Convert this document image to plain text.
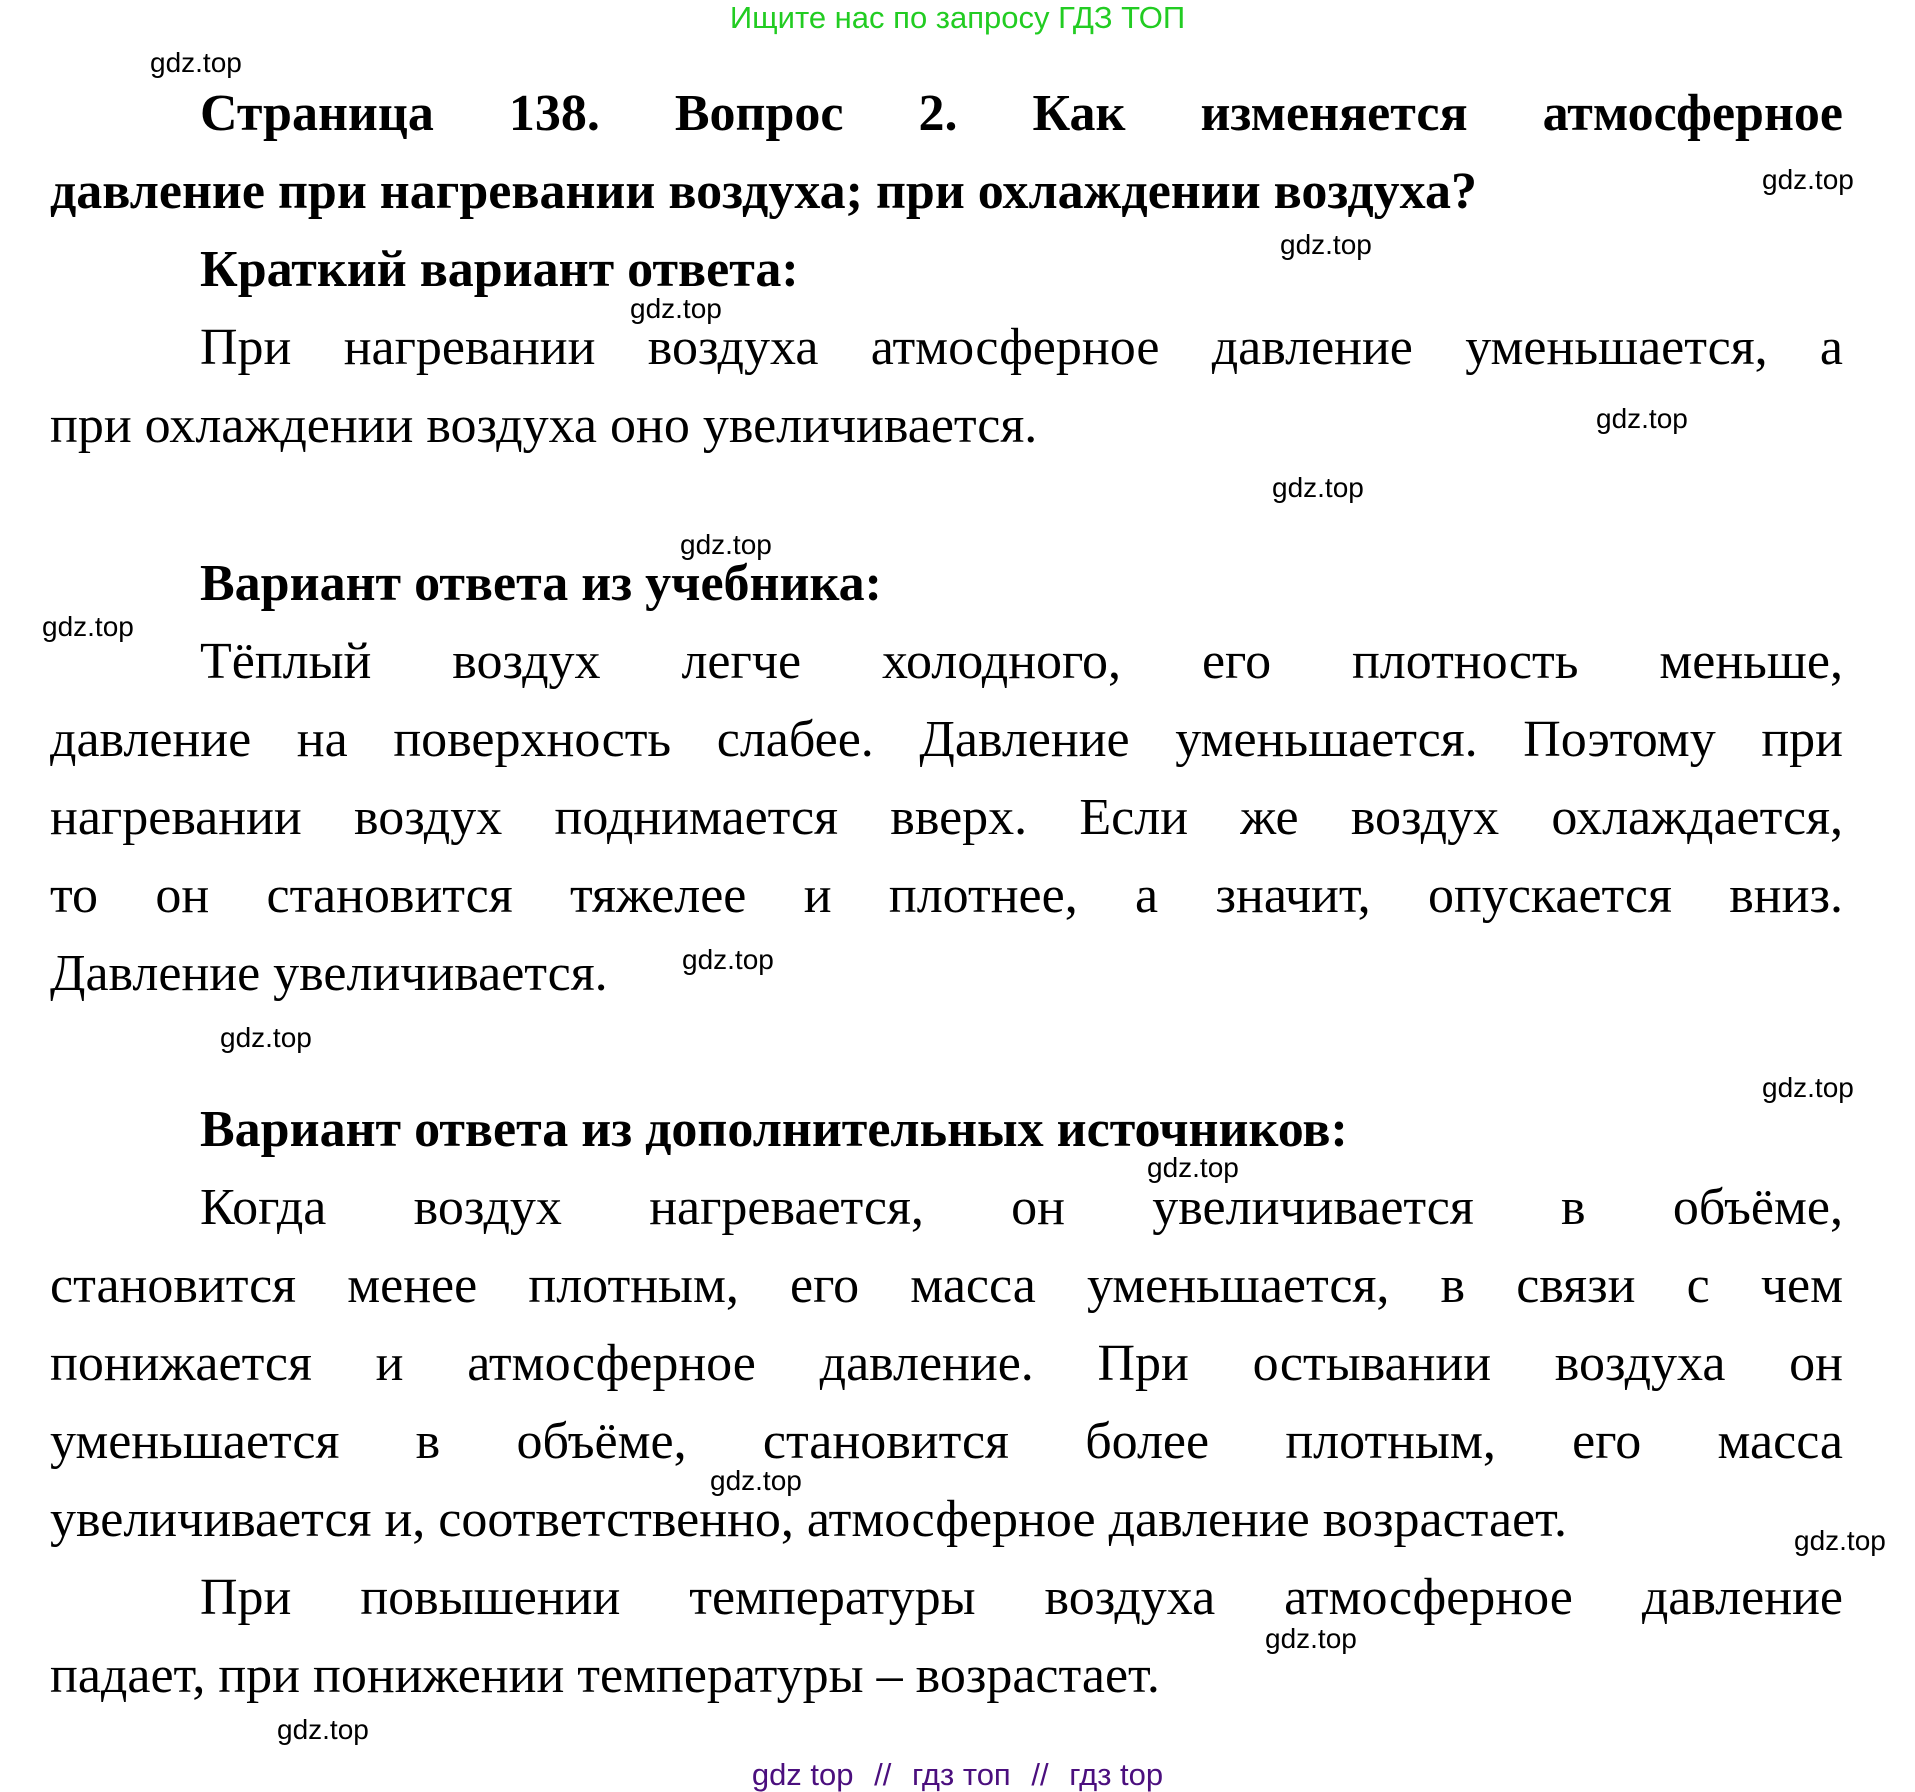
Ищите нас по запросу ГДЗ ТОП
gdz.top
gdz.top
gdz.top
gdz.top
gdz.top
gdz.top
gdz.top
gdz.top
gdz.top
gdz.top
gdz.top
gdz.top
gdz.top
gdz.top
gdz.top
gdz.top
Страница 138. Вопрос 2. Как изменяется атмосферное
давление при нагревании воздуха; при охлаждении воздуха?
Краткий вариант ответа:
При нагревании воздуха атмосферное давление уменьшается, а
при охлаждении воздуха оно увеличивается.
Вариант ответа из учебника:
Тёплый воздух легче холодного, его плотность меньше,
давление на поверхность слабее. Давление уменьшается. Поэтому при
нагревании воздух поднимается вверх. Если же воздух охлаждается,
то он становится тяжелее и плотнее, а значит, опускается вниз.
Давление увеличивается.
Вариант ответа из дополнительных источников:
Когда воздух нагревается, он увеличивается в объёме,
становится менее плотным, его масса уменьшается, в связи с чем
понижается и атмосферное давление. При остывании воздуха он
уменьшается в объёме, становится более плотным, его масса
увеличивается и, соответственно, атмосферное давление возрастает.
При повышении температуры воздуха атмосферное давление
падает, при понижении температуры – возрастает.
gdz top // гдз топ // гдз top
